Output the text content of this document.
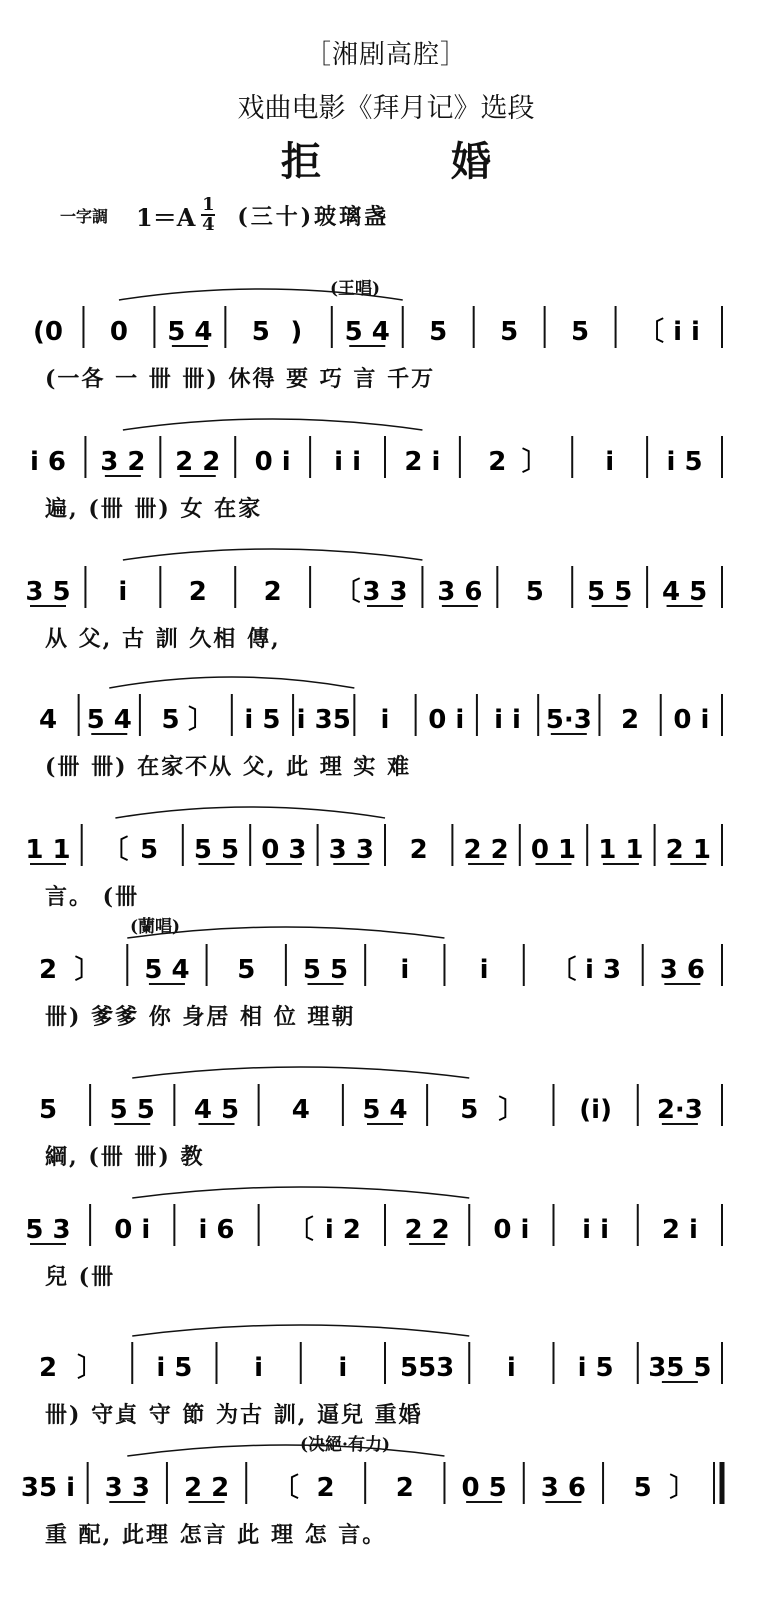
［湘剧高腔］
戏曲电影《拜月记》选段
拒	婚
一字調 $1=A \frac{1}{4}$ (三十)玻璃盏
(王唱)
(0 0 5 4 5 ) 5 4 5 5 5 〔 i i
(一各 一 卌 卌) 休得 要 巧 言 千万
i 6 3 2 2 2 0 i i i 2 i 2 〕 i i 5
遍, (卌 卌) 女 在家
3 5 i 2 2 〔 3 3 3 6 5 5 5 4 5
从 父, 古 訓 久相 傳,
4 5 4 5 〕 i 5 i 35 i 0 i i i 5·3 2 0 i
(卌 卌) 在家不从 父, 此 理 实 难
1 1 〔 5 5 5 0 3 3 3 2 2 2 0 1 1 1 2 1
言。 (卌
(蘭唱)
2 〕 5 4 5 5 5 i	i 〔 i 3 3 6
卌) 爹爹 你 身居 相 位 理朝
5 5 5 4 5 4 5 4 5 〕 (i) 2·3
綱, (卌 卌) 教
5 3 0 i i 6 〔 i 2 2 2 0 i i i 2 i
兒 (卌
2 〕 i 5 i	i 553 i i 5 35 5
卌) 守貞 守 節 为古 訓, 逼兒 重婚
(决絕·有力)
35 i 3 3 2 2 〔 2 2 0 5 3 6 5 〕
重 配, 此理 怎言 此 理 怎 言。
